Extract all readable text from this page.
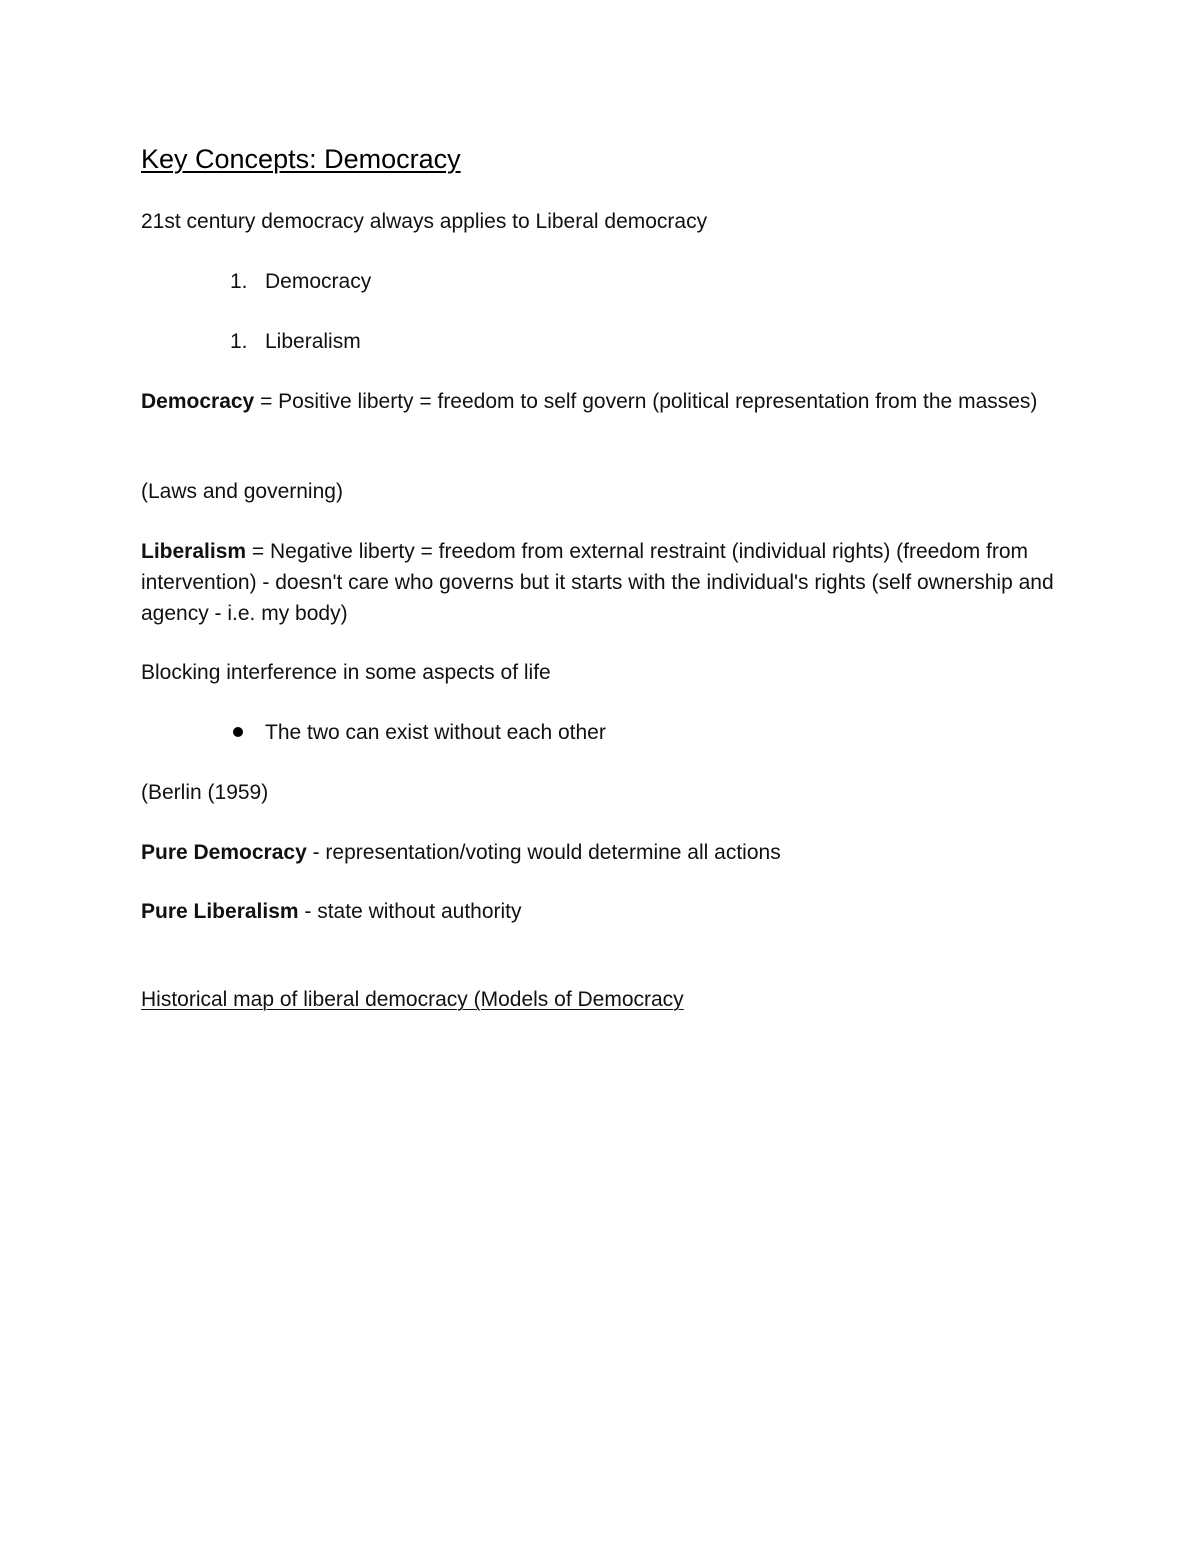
Key Concepts: Democracy
21st century democracy always applies to Liberal democracy
1. Democracy
1. Liberalism
Democracy = Positive liberty = freedom to self govern (political representation from the masses)
(Laws and governing)
Liberalism = Negative liberty = freedom from external restraint (individual rights) (freedom from intervention) - doesn't care who governs but it starts with the individual's rights (self ownership and agency - i.e. my body)
Blocking interference in some aspects of life
The two can exist without each other
(Berlin (1959)
Pure Democracy - representation/voting would determine all actions
Pure Liberalism - state without authority
Historical map of liberal democracy (Models of Democracy
